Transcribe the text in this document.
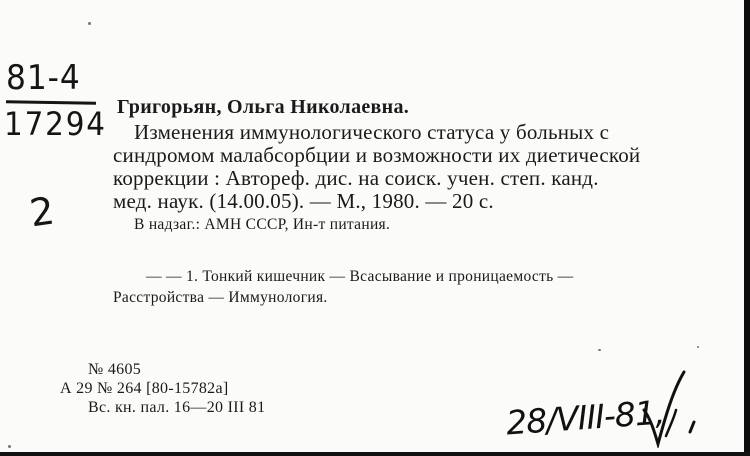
81-4
17294
2
Григорьян, Ольга Николаевна.
Изменения иммунологического статуса у больных с
синдромом малабсорбции и возможности их диетической
коррекции : Автореф. дис. на соиск. учен. степ. канд.
мед. наук. (14.00.05). — М., 1980. — 20 с.
В надзаг.: АМН СССР, Ин-т питания.
— — 1. Тонкий кишечник — Всасывание и проницаемость —
Расстройства — Иммунология.
№ 4605
А 29 № 264 [80-15782а]
Вс. кн. пал. 16—20 III 81	28/VIII-81,
